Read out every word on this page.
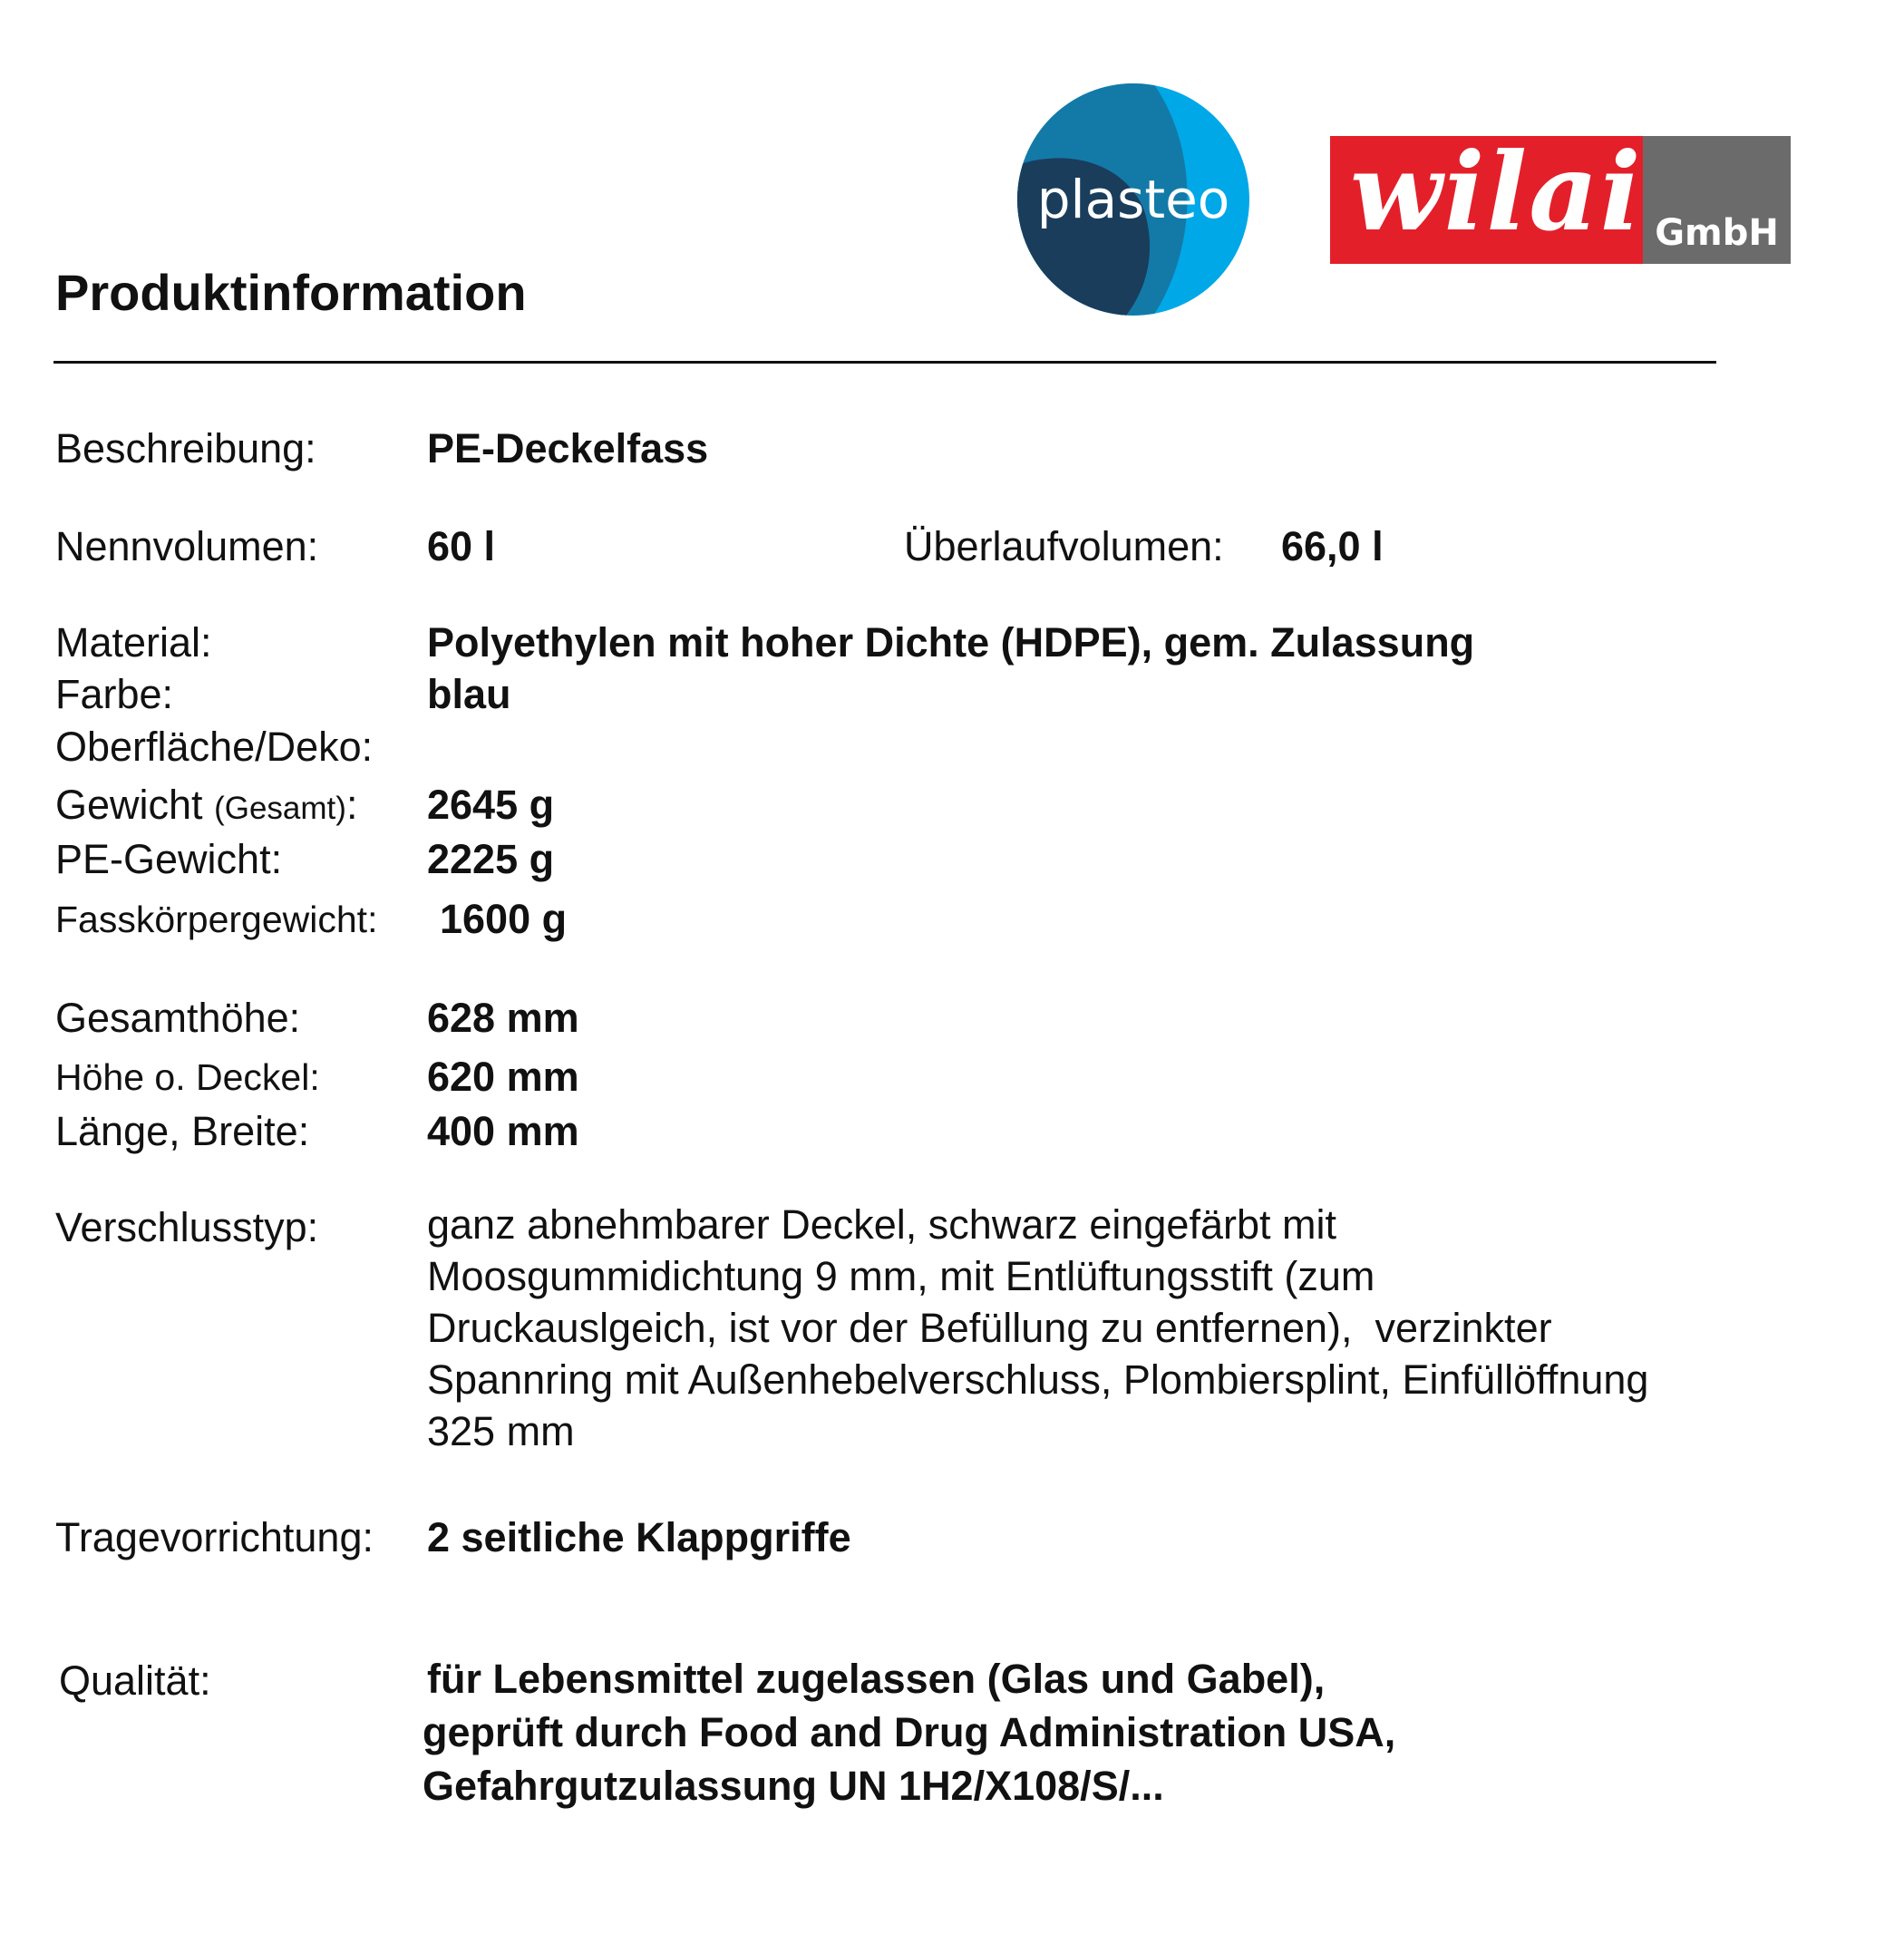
Produktinformation
plasteo wilai GmbH
Beschreibung:	PE-Deckelfass
Nennvolumen:	60 l	Überlaufvolumen: 66,0 l
Material:	Polyethylen mit hoher Dichte (HDPE), gem. Zulassung
Farbe:	blau
Oberfläche/Deko:
Gewicht (Gesamt): 2645 g
PE-Gewicht:	2225 g
Fasskörpergewicht: 1600 g
Gesamthöhe:	628 mm
Höhe o. Deckel:	620 mm
Länge, Breite:	400 mm
Verschlusstyp:	ganz abnehmbarer Deckel, schwarz eingefärbt mit
Moosgummidichtung 9 mm, mit Entlüftungsstift (zum
Druckauslgeich, ist vor der Befüllung zu entfernen),  verzinkter
Spannring mit Außenhebelverschluss, Plombiersplint, Einfüllöffnung
325 mm
Tragevorrichtung: 2 seitliche Klappgriffe
Qualität:	für Lebensmittel zugelassen (Glas und Gabel),
geprüft durch Food and Drug Administration USA,
Gefahrgutzulassung UN 1H2/X108/S/...
